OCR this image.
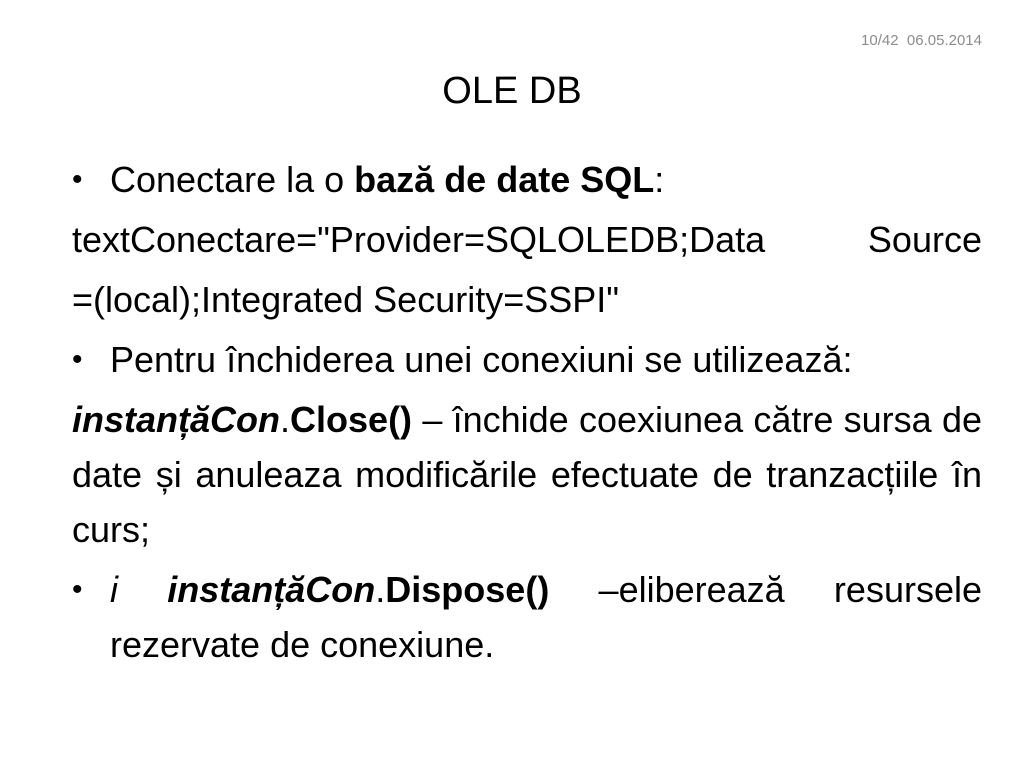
10/42 06.05.2014
OLE DB
• Conectare la o bază de date SQL:
textConectare="Provider=SQLOLEDB;Data Source
=(local);Integrated Security=SSPI"
• Pentru închiderea unei conexiuni se utilizează:
instanțăCon.Close() – închide coexiunea către sursa de date și anuleaza modificările efectuate de tranzacțiile în curs;
• i instanțăCon.Dispose() –eliberează resursele rezervate de conexiune.
